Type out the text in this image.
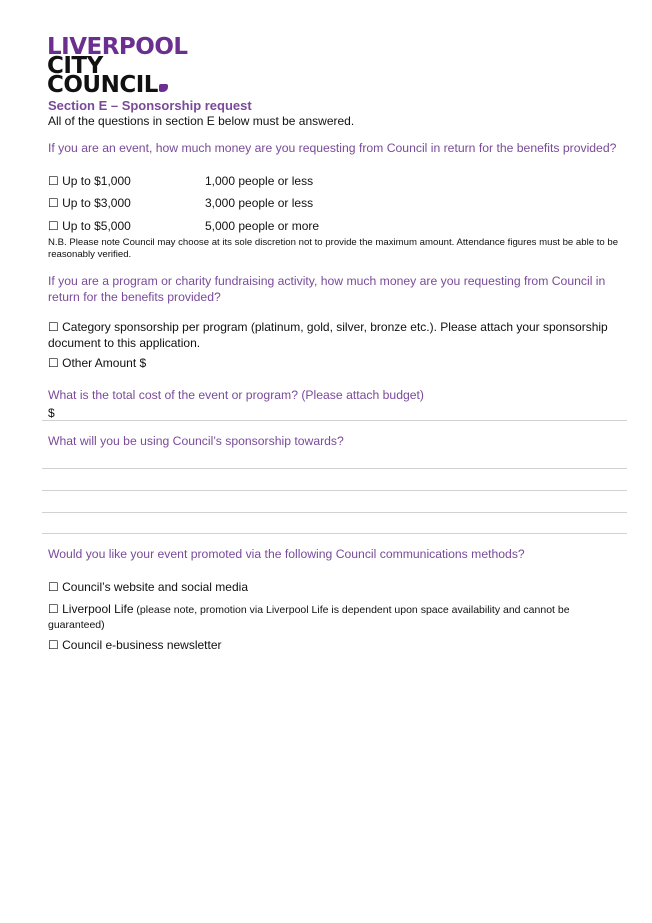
LIVERPOOL
CITY
COUNCIL
Section E – Sponsorship request
All of the questions in section E below must be answered.
If you are an event, how much money are you requesting from Council in return for the benefits provided?
☐ Up to $1,000	1,000 people or less
☐ Up to $3,000	3,000 people or less
☐ Up to $5,000	5,000 people or more
N.B. Please note Council may choose at its sole discretion not to provide the maximum amount. Attendance figures must be able to be reasonably verified.
If you are a program or charity fundraising activity, how much money are you requesting from Council in return for the benefits provided?
☐ Category sponsorship per program (platinum, gold, silver, bronze etc.). Please attach your sponsorship document to this application.
☐ Other Amount $
What is the total cost of the event or program? (Please attach budget)
$
What will you be using Council’s sponsorship towards?
Would you like your event promoted via the following Council communications methods?
☐ Council’s website and social media
☐ Liverpool Life (please note, promotion via Liverpool Life is dependent upon space availability and cannot be guaranteed)
☐ Council e-business newsletter
